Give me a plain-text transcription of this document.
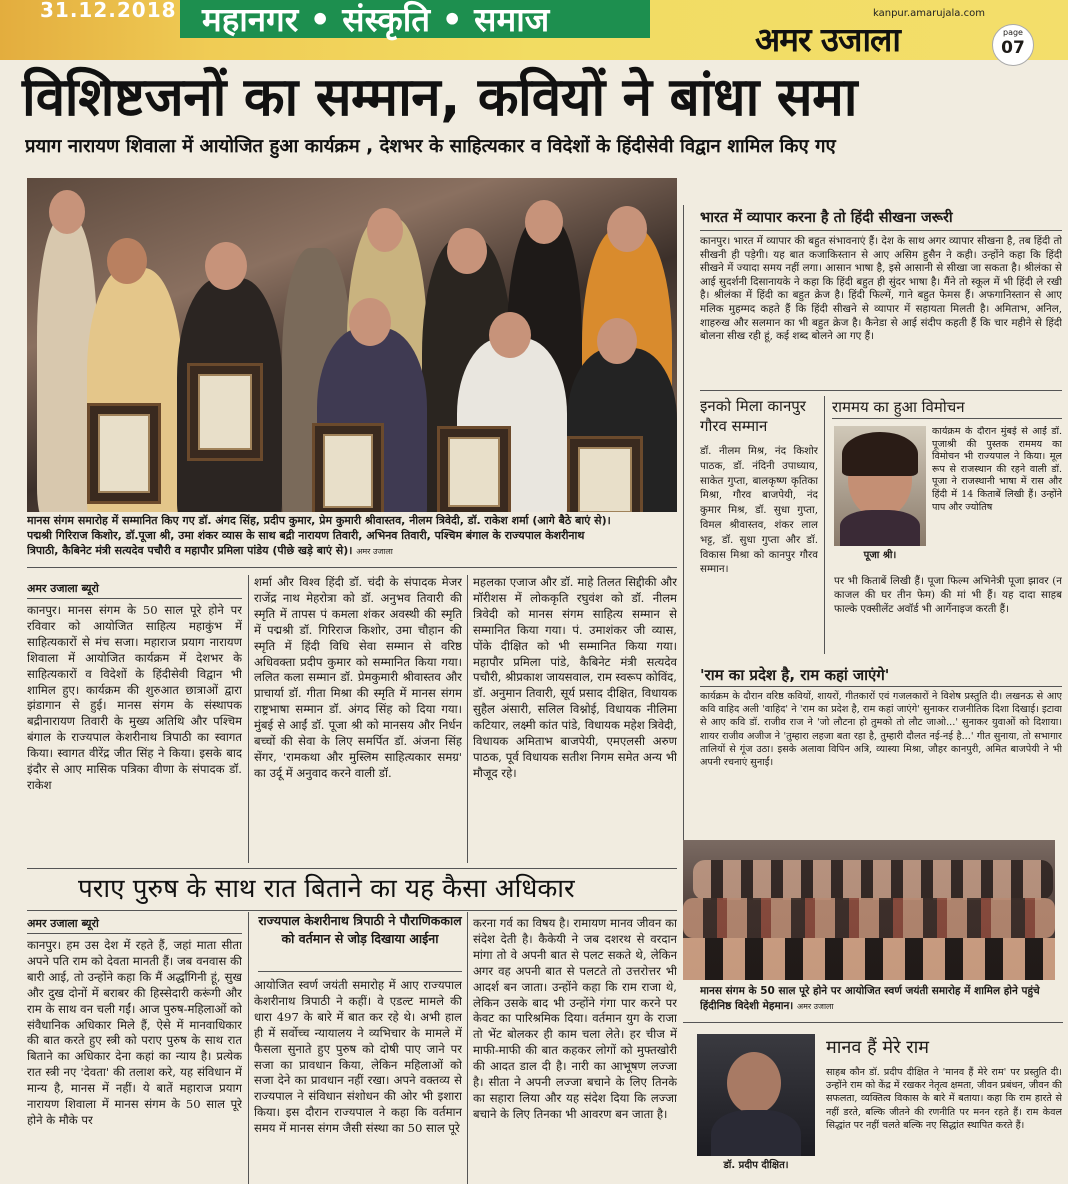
31.12.2018 महानगर • संस्कृति • समाज	kanpur.amarujala.com
अमर उजाला	page
07
विशिष्टजनों का सम्मान, कवियों ने बांधा समा
प्रयाग नारायण शिवाला में आयोजित हुआ कार्यक्रम , देशभर के साहित्यकार व विदेशों के हिंदीसेवी विद्वान शामिल किए गए
मानस संगम समारोह में सम्मानित किए गए डॉ. अंगद सिंह, प्रदीप कुमार, प्रेम कुमारी श्रीवास्तव, नीलम त्रिवेदी, डॉ. राकेश शर्मा (आगे बैठे बाएं से)।
पद्मश्री गिरिराज किशोर, डॉ.पूजा श्री, उमा शंकर व्यास के साथ बद्री नारायण तिवारी, अभिनव तिवारी, पश्चिम बंगाल के राज्यपाल केशरीनाथ
त्रिपाठी, कैबिनेट मंत्री सत्यदेव पचौरी व महापौर प्रमिला पांडेय (पीछे खड़े बाएं से)। अमर उजाला
अमर उजाला ब्यूरो

कानपुर। मानस संगम के 50 साल पूरे होने पर रविवार को आयोजित साहित्य महाकुंभ में साहित्यकारों से मंच सजा। महाराज प्रयाग नारायण शिवाला में आयोजित कार्यक्रम में देशभर के साहित्यकारों व विदेशों के हिंदीसेवी विद्वान भी शामिल हुए। कार्यक्रम की शुरुआत छात्राओं द्वारा झंडागान से हुई। मानस संगम के संस्थापक बद्रीनारायण तिवारी के मुख्य अतिथि और पश्चिम बंगाल के राज्यपाल केशरीनाथ त्रिपाठी का स्वागत किया। स्वागत वीरेंद्र जीत सिंह ने किया। इसके बाद इंदौर से आए मासिक पत्रिका वीणा के संपादक डॉ. राकेश

शर्मा और विश्व हिंदी डॉ. चंदी के संपादक मेजर राजेंद्र नाथ मेहरोत्रा को डॉ. अनुभव तिवारी की स्मृति में तापस पं कमला शंकर अवस्थी की स्मृति में पद्मश्री डॉ. गिरिराज किशोर, उमा चौहान की स्मृति में हिंदी विधि सेवा सम्मान से वरिष्ठ अधिवक्ता प्रदीप कुमार को सम्मानित किया गया। ललित कला सम्मान डॉ. प्रेमकुमारी श्रीवास्तव और प्राचार्या डॉ. गीता मिश्रा की स्मृति में मानस संगम राष्ट्रभाषा सम्मान डॉ. अंगद सिंह को दिया गया। मुंबई से आईं डॉ. पूजा श्री को मानसय और निर्धन बच्चों की सेवा के लिए समर्पित डॉ. अंजना सिंह सेंगर, 'रामकथा और मुस्लिम साहित्यकार समग्र' का उर्दू में अनुवाद करने वाली डॉ.

महलका एजाज और डॉ. माहे तिलत सिद्दीकी और मॉरीशस में लोककृति रघुवंश को डॉ. नीलम त्रिवेदी को मानस संगम साहित्य सम्मान से सम्मानित किया गया। पं. उमाशंकर जी व्यास, पोंके दीक्षित को भी सम्मानित किया गया। महापौर प्रमिला पांडे, कैबिनेट मंत्री सत्यदेव पचौरी, श्रीप्रकाश जायसवाल, राम स्वरूप कोविंद, डॉ. अनुमान तिवारी, सूर्य प्रसाद दीक्षित, विधायक सुहैल अंसारी, सलिल विश्नोई, विधायक नीलिमा कटियार, लक्ष्मी कांत पांडे, विधायक महेश त्रिवेदी, विधायक अमिताभ बाजपेयी, एमएलसी अरुण पाठक, पूर्व विधायक सतीश निगम समेत अन्य भी मौजूद रहे।

भारत में व्यापार करना है तो हिंदी सीखना जरूरी
कानपुर। भारत में व्यापार की बहुत संभावनाएं हैं। देश के साथ अगर व्यापार सीखना है, तब हिंदी तो सीखनी ही पड़ेगी। यह बात कजाकिस्तान से आए असिम हुसैन ने कही। उन्होंने कहा कि हिंदी सीखने में ज्यादा समय नहीं लगा। आसान भाषा है, इसे आसानी से सीखा जा सकता है। श्रीलंका से आई सुदर्शनी दिसानायके ने कहा कि हिंदी बहुत ही सुंदर भाषा है। मैंने तो स्कूल में भी हिंदी ले रखी है। श्रीलंका में हिंदी का बहुत क्रेज है। हिंदी फिल्में, गाने बहुत फेमस हैं। अफगानिस्तान से आए मलिक मुहम्मद कहते हैं कि हिंदी सीखने से व्यापार में सहायता मिलती है। अमिताभ, अनिल, शाहरुख और सलमान का भी बहुत क्रेज है। कैनेडा से आई संदीप कहती हैं कि चार महीने से हिंदी बोलना सीख रही हूं, कई शब्द बोलने आ गए हैं।
इनको मिला कानपुर गौरव सम्मान
डॉ. नीलम मिश्र, नंद किशोर पाठक, डॉ. नंदिनी उपाध्याय, साकेत गुप्ता, बालकृष्ण कृतिका मिश्रा, गौरव बाजपेयी, नंद कुमार मिश्र, डॉ. सुधा गुप्ता, विमल श्रीवास्तव, शंकर लाल भट्ट, डॉ. सुधा गुप्ता और डॉ. विकास मिश्रा को कानपुर गौरव सम्मान।
राममय का हुआ विमोचन
पूजा श्री।
कार्यक्रम के दौरान मुंबई से आईं डॉ. पूजाश्री की पुस्तक राममय का विमोचन भी राज्यपाल ने किया। मूल रूप से राजस्थान की रहने वाली डॉ. पूजा ने राजस्थानी भाषा में रास और हिंदी में 14 किताबें लिखी हैं। उन्होंने पाप और ज्योतिष
पर भी किताबें लिखी हैं। पूजा फिल्म अभिनेत्री पूजा झावर (न काजल की घर तीन फेम) की मां भी हैं। यह दादा साहब फाल्के एक्सीलेंट अवॉर्ड भी आर्गेनाइज करती हैं।
'राम का प्रदेश है, राम कहां जाएंगे'
कार्यक्रम के दौरान वरिष्ठ कवियों, शायरों, गीतकारों एवं गजलकारों ने विशेष प्रस्तुति दी। लखनऊ से आए कवि वाहिद अली 'वाहिद' ने 'राम का प्रदेश है, राम कहां जाएंगे' सुनाकर राजनीतिक दिशा दिखाई। इटावा से आए कवि डॉ. राजीव राज ने 'जो लौटना हो तुमको तो लौट जाओ...' सुनाकर युवाओं को दिशाया। शायर राजीव अजीज ने 'तुम्हारा लहजा बता रहा है, तुम्हारी दौलत नई-नई है...' गीत सुनाया, तो सभागार तालियों से गूंज उठा। इसके अलावा विपिन अत्रि, व्यास्या मिश्रा, जौहर कानपुरी, अमित बाजपेयी ने भी अपनी रचनाएं सुनाईं।
मानस संगम के 50 साल पूरे होने पर आयोजित स्वर्ण जयंती समारोह में शामिल होने पहुंचे हिंदीनिष्ठ विदेशी मेहमान। अमर उजाला
डॉ. प्रदीप दीक्षित।
मानव हैं मेरे राम
साहब कौन डॉ. प्रदीप दीक्षित ने 'मानव हैं मेरे राम' पर प्रस्तुति दी। उन्होंने राम को केंद्र में रखकर नेतृत्व क्षमता, जीवन प्रबंधन, जीवन की सफलता, व्यक्तित्व विकास के बारे में बताया। कहा कि राम हारते से नहीं डरते, बल्कि जीतने की रणनीति पर मनन रहते हैं। राम केवल सिद्धांत पर नहीं चलते बल्कि नए सिद्धांत स्थापित करते हैं।
पराए पुरुष के साथ रात बिताने का यह कैसा अधिकार
अमर उजाला ब्यूरो

कानपुर। हम उस देश में रहते हैं, जहां माता सीता अपने पति राम को देवता मानती हैं। जब वनवास की बारी आई, तो उन्होंने कहा कि मैं अर्द्धांगिनी हूं, सुख और दुख दोनों में बराबर की हिस्सेदारी करूंगी और राम के साथ वन चली गईं। आज पुरुष-महिलाओं को संवैधानिक अधिकार मिले हैं, ऐसे में मानवाधिकार की बात करते हुए स्त्री को पराए पुरुष के साथ रात बिताने का अधिकार देना कहां का न्याय है। प्रत्येक रात स्त्री नए 'देवता' की तलाश करे, यह संविधान में मान्य है, मानस में नहीं। ये बातें महाराज प्रयाग नारायण शिवाला में मानस संगम के 50 साल पूरे होने के मौके पर

राज्यपाल केशरीनाथ त्रिपाठी ने पौराणिककाल को वर्तमान से जोड़ दिखाया आईना

आयोजित स्वर्ण जयंती समारोह में आए राज्यपाल केशरीनाथ त्रिपाठी ने कहीं। वे एडल्ट मामले की धारा 497 के बारे में बात कर रहे थे। अभी हाल ही में सर्वोच्च न्यायालय ने व्यभिचार के मामले में फैसला सुनाते हुए पुरुष को दोषी पाए जाने पर सजा का प्रावधान किया, लेकिन महिलाओं को सजा देने का प्रावधान नहीं रखा। अपने वक्तव्य से राज्यपाल ने संविधान संशोधन की ओर भी इशारा किया। इस दौरान राज्यपाल ने कहा कि वर्तमान समय में मानस संगम जैसी संस्था का 50 साल पूरे

करना गर्व का विषय है। रामायण मानव जीवन का संदेश देती है। कैकेयी ने जब दशरथ से वरदान मांगा तो वे अपनी बात से पलट सकते थे, लेकिन अगर वह अपनी बात से पलटते तो उत्तरोत्तर भी आदर्श बन जाता। उन्होंने कहा कि राम राजा थे, लेकिन उसके बाद भी उन्होंने गंगा पार करने पर केवट का पारिश्रमिक दिया। वर्तमान युग के राजा तो भेंट बोलकर ही काम चला लेते। हर चीज में माफी-माफी की बात कहकर लोगों को मुफ्तखोरी की आदत डाल दी है। नारी का आभूषण लज्जा है। सीता ने अपनी लज्जा बचाने के लिए तिनके का सहारा लिया और यह संदेश दिया कि लज्जा बचाने के लिए तिनका भी आवरण बन जाता है।
